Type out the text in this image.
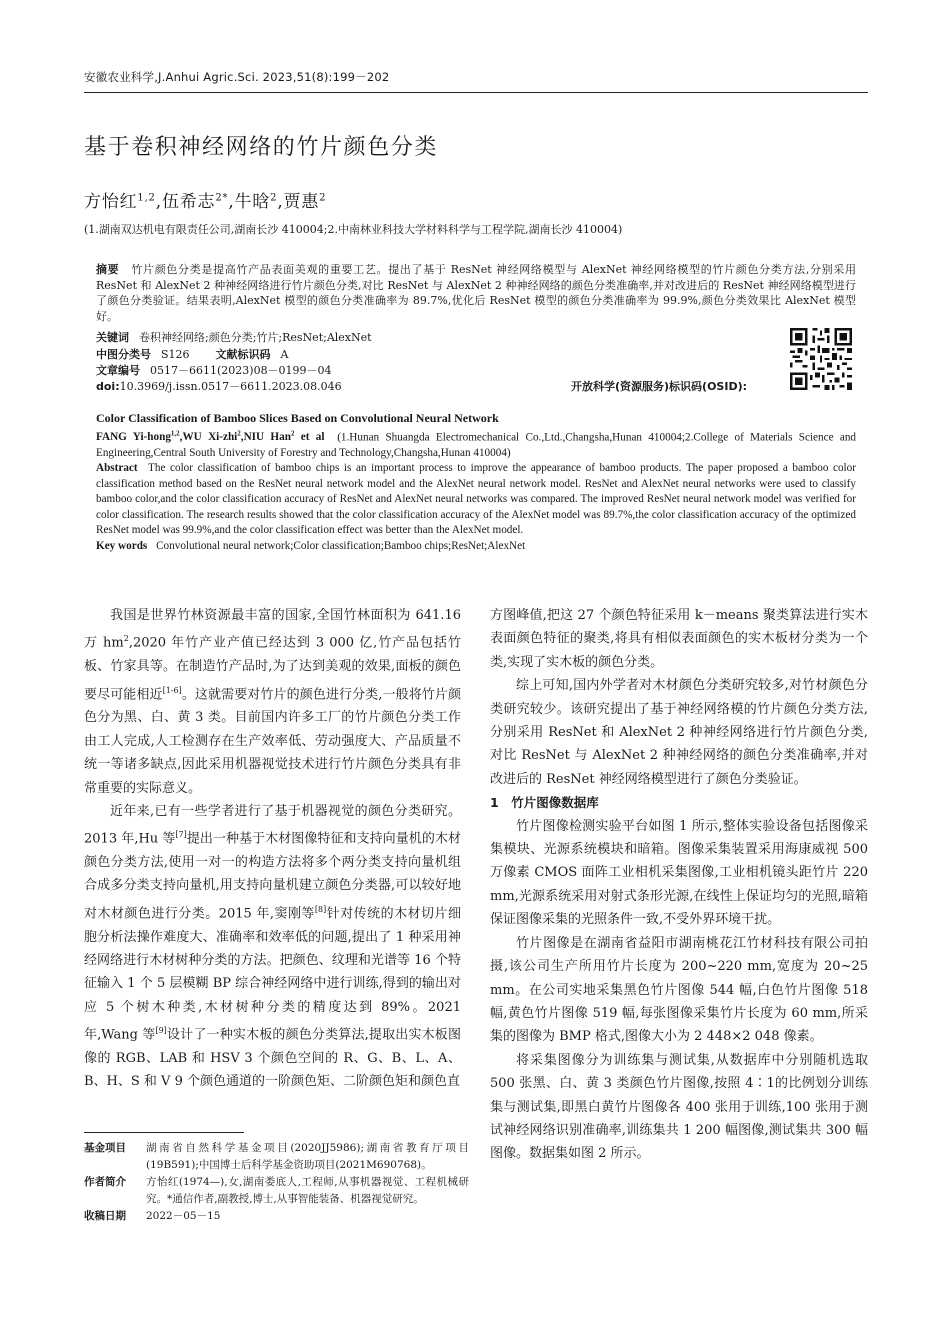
安徽农业科学,J.Anhui Agric.Sci. 2023,51(8):199－202
基于卷积神经网络的竹片颜色分类
方怡红$^{1,2}$,伍希志$^{2*}$,牛晗$^2$,贾惠$^2$
(1.湖南双达机电有限责任公司,湖南长沙 410004;2.中南林业科技大学材料科学与工程学院,湖南长沙 410004)

摘要 竹片颜色分类是提高竹产品表面美观的重要工艺。提出了基于 ResNet 神经网络模型与 AlexNet 神经网络模型的竹片颜色分类方法,分别采用 ResNet 和 AlexNet 2 种神经网络进行竹片颜色分类,对比 ResNet 与 AlexNet 2 种神经网络的颜色分类准确率,并对改进后的 ResNet 神经网络模型进行了颜色分类验证。结果表明,AlexNet 模型的颜色分类准确率为 89.7%,优化后 ResNet 模型的颜色分类准确率为 99.9%,颜色分类效果比 AlexNet 模型好。

关键词 卷积神经网络;颜色分类;竹片;ResNet;AlexNet
中图分类号 S126 文献标识码 A
文章编号 0517－6611(2023)08－0199－04
doi:10.3969/j.issn.0517－6611.2023.08.046	开放科学(资源服务)标识码(OSID):

Color Classification of Bamboo Slices Based on Convolutional Neural Network

FANG Yi-hong$^{1,2}$,WU Xi-zhi$^2$,NIU Han$^2$ et al (1.Hunan Shuangda Electromechanical Co.,Ltd.,Changsha,Hunan 410004;2.College of Materials Science and Engineering,Central South University of Forestry and Technology,Changsha,Hunan 410004)

Abstract The color classification of bamboo chips is an important process to improve the appearance of bamboo products. The paper proposed a bamboo color classification method based on the ResNet neural network model and the AlexNet neural network model. ResNet and AlexNet neural networks were used to classify bamboo color,and the color classification accuracy of ResNet and AlexNet neural networks was compared. The improved ResNet neural network model was verified for color classification. The research results showed that the color classification accuracy of the AlexNet model was 89.7%,the color classification accuracy of the optimized ResNet model was 99.9%,and the color classification effect was better than the AlexNet model.

Key words Convolutional neural network;Color classification;Bamboo chips;ResNet;AlexNet

我国是世界竹林资源最丰富的国家,全国竹林面积为 641.16 万 $hm^2,2020$ 年竹产业产值已经达到 3 000 亿,竹产品包括竹板、竹家具等。在制造竹产品时,为了达到美观的效果,面板的颜色要尽可能相近[1-6]。这就需要对竹片的颜色进行分类,一般将竹片颜色分为黑、白、黄 3 类。目前国内许多工厂的竹片颜色分类工作由工人完成,人工检测存在生产效率低、劳动强度大、产品质量不统一等诸多缺点,因此采用机器视觉技术进行竹片颜色分类具有非常重要的实际意义。

近年来,已有一些学者进行了基于机器视觉的颜色分类研究。2013 年,Hu 等[7]提出一种基于木材图像特征和支持向量机的木材颜色分类方法,使用一对一的构造方法将多个两分类支持向量机组合成多分类支持向量机,用支持向量机建立颜色分类器,可以较好地对木材颜色进行分类。2015 年,窦刚等[8]针对传统的木材切片细胞分析法操作难度大、准确率和效率低的问题,提出了 1 种采用神经网络进行木材树种分类的方法。把颜色、纹理和光谱等 16 个特征输入 1 个 5 层模糊 BP 综合神经网络中进行训练,得到的输出对应 5 个树木种类,木材树种分类的精度达到 89%。2021 年,Wang 等[9]设计了一种实木板的颜色分类算法,提取出实木板图像的 RGB、LAB 和 HSV 3 个颜色空间的 R、G、B、L、A、B、H、S 和 V 9 个颜色通道的一阶颜色矩、二阶颜色矩和颜色直

方图峰值,把这 27 个颜色特征采用 k－means 聚类算法进行实木表面颜色特征的聚类,将具有相似表面颜色的实木板材分类为一个类,实现了实木板的颜色分类。

综上可知,国内外学者对木材颜色分类研究较多,对竹材颜色分类研究较少。该研究提出了基于神经网络模的竹片颜色分类方法,分别采用 ResNet 和 AlexNet 2 种神经网络进行竹片颜色分类,对比 ResNet 与 AlexNet 2 种神经网络的颜色分类准确率,并对改进后的 ResNet 神经网络模型进行了颜色分类验证。

1　竹片图像数据库

竹片图像检测实验平台如图 1 所示,整体实验设备包括图像采集模块、光源系统模块和暗箱。图像采集装置采用海康威视 500 万像素 CMOS 面阵工业相机采集图像,工业相机镜头距竹片 220 mm,光源系统采用对射式条形光源,在线性上保证均匀的光照,暗箱保证图像采集的光照条件一致,不受外界环境干扰。

竹片图像是在湖南省益阳市湖南桃花江竹材科技有限公司拍摄,该公司生产所用竹片长度为 200~220 mm,宽度为 20~25 mm。在公司实地采集黑色竹片图像 544 幅,白色竹片图像 518 幅,黄色竹片图像 519 幅,每张图像采集竹片长度为 60 mm,所采集的图像为 BMP 格式,图像大小为 2 448×2 048 像素。

将采集图像分为训练集与测试集,从数据库中分别随机选取 500 张黑、白、黄 3 类颜色竹片图像,按照 4∶1的比例划分训练集与测试集,即黑白黄竹片图像各 400 张用于训练,100 张用于测试神经网络识别准确率,训练集共 1 200 幅图像,测试集共 300 幅图像。数据集如图 2 所示。

基金项目	湖南省自然科学基金项目(2020JJ5986);湖南省教育厅项目(19B591);中国博士后科学基金资助项目(2021M690768)。
作者简介	方怡红(1974—),女,湖南娄底人,工程师,从事机器视觉、工程机械研究。*通信作者,副教授,博士,从事智能装备、机器视觉研究。
收稿日期	2022－05－15
